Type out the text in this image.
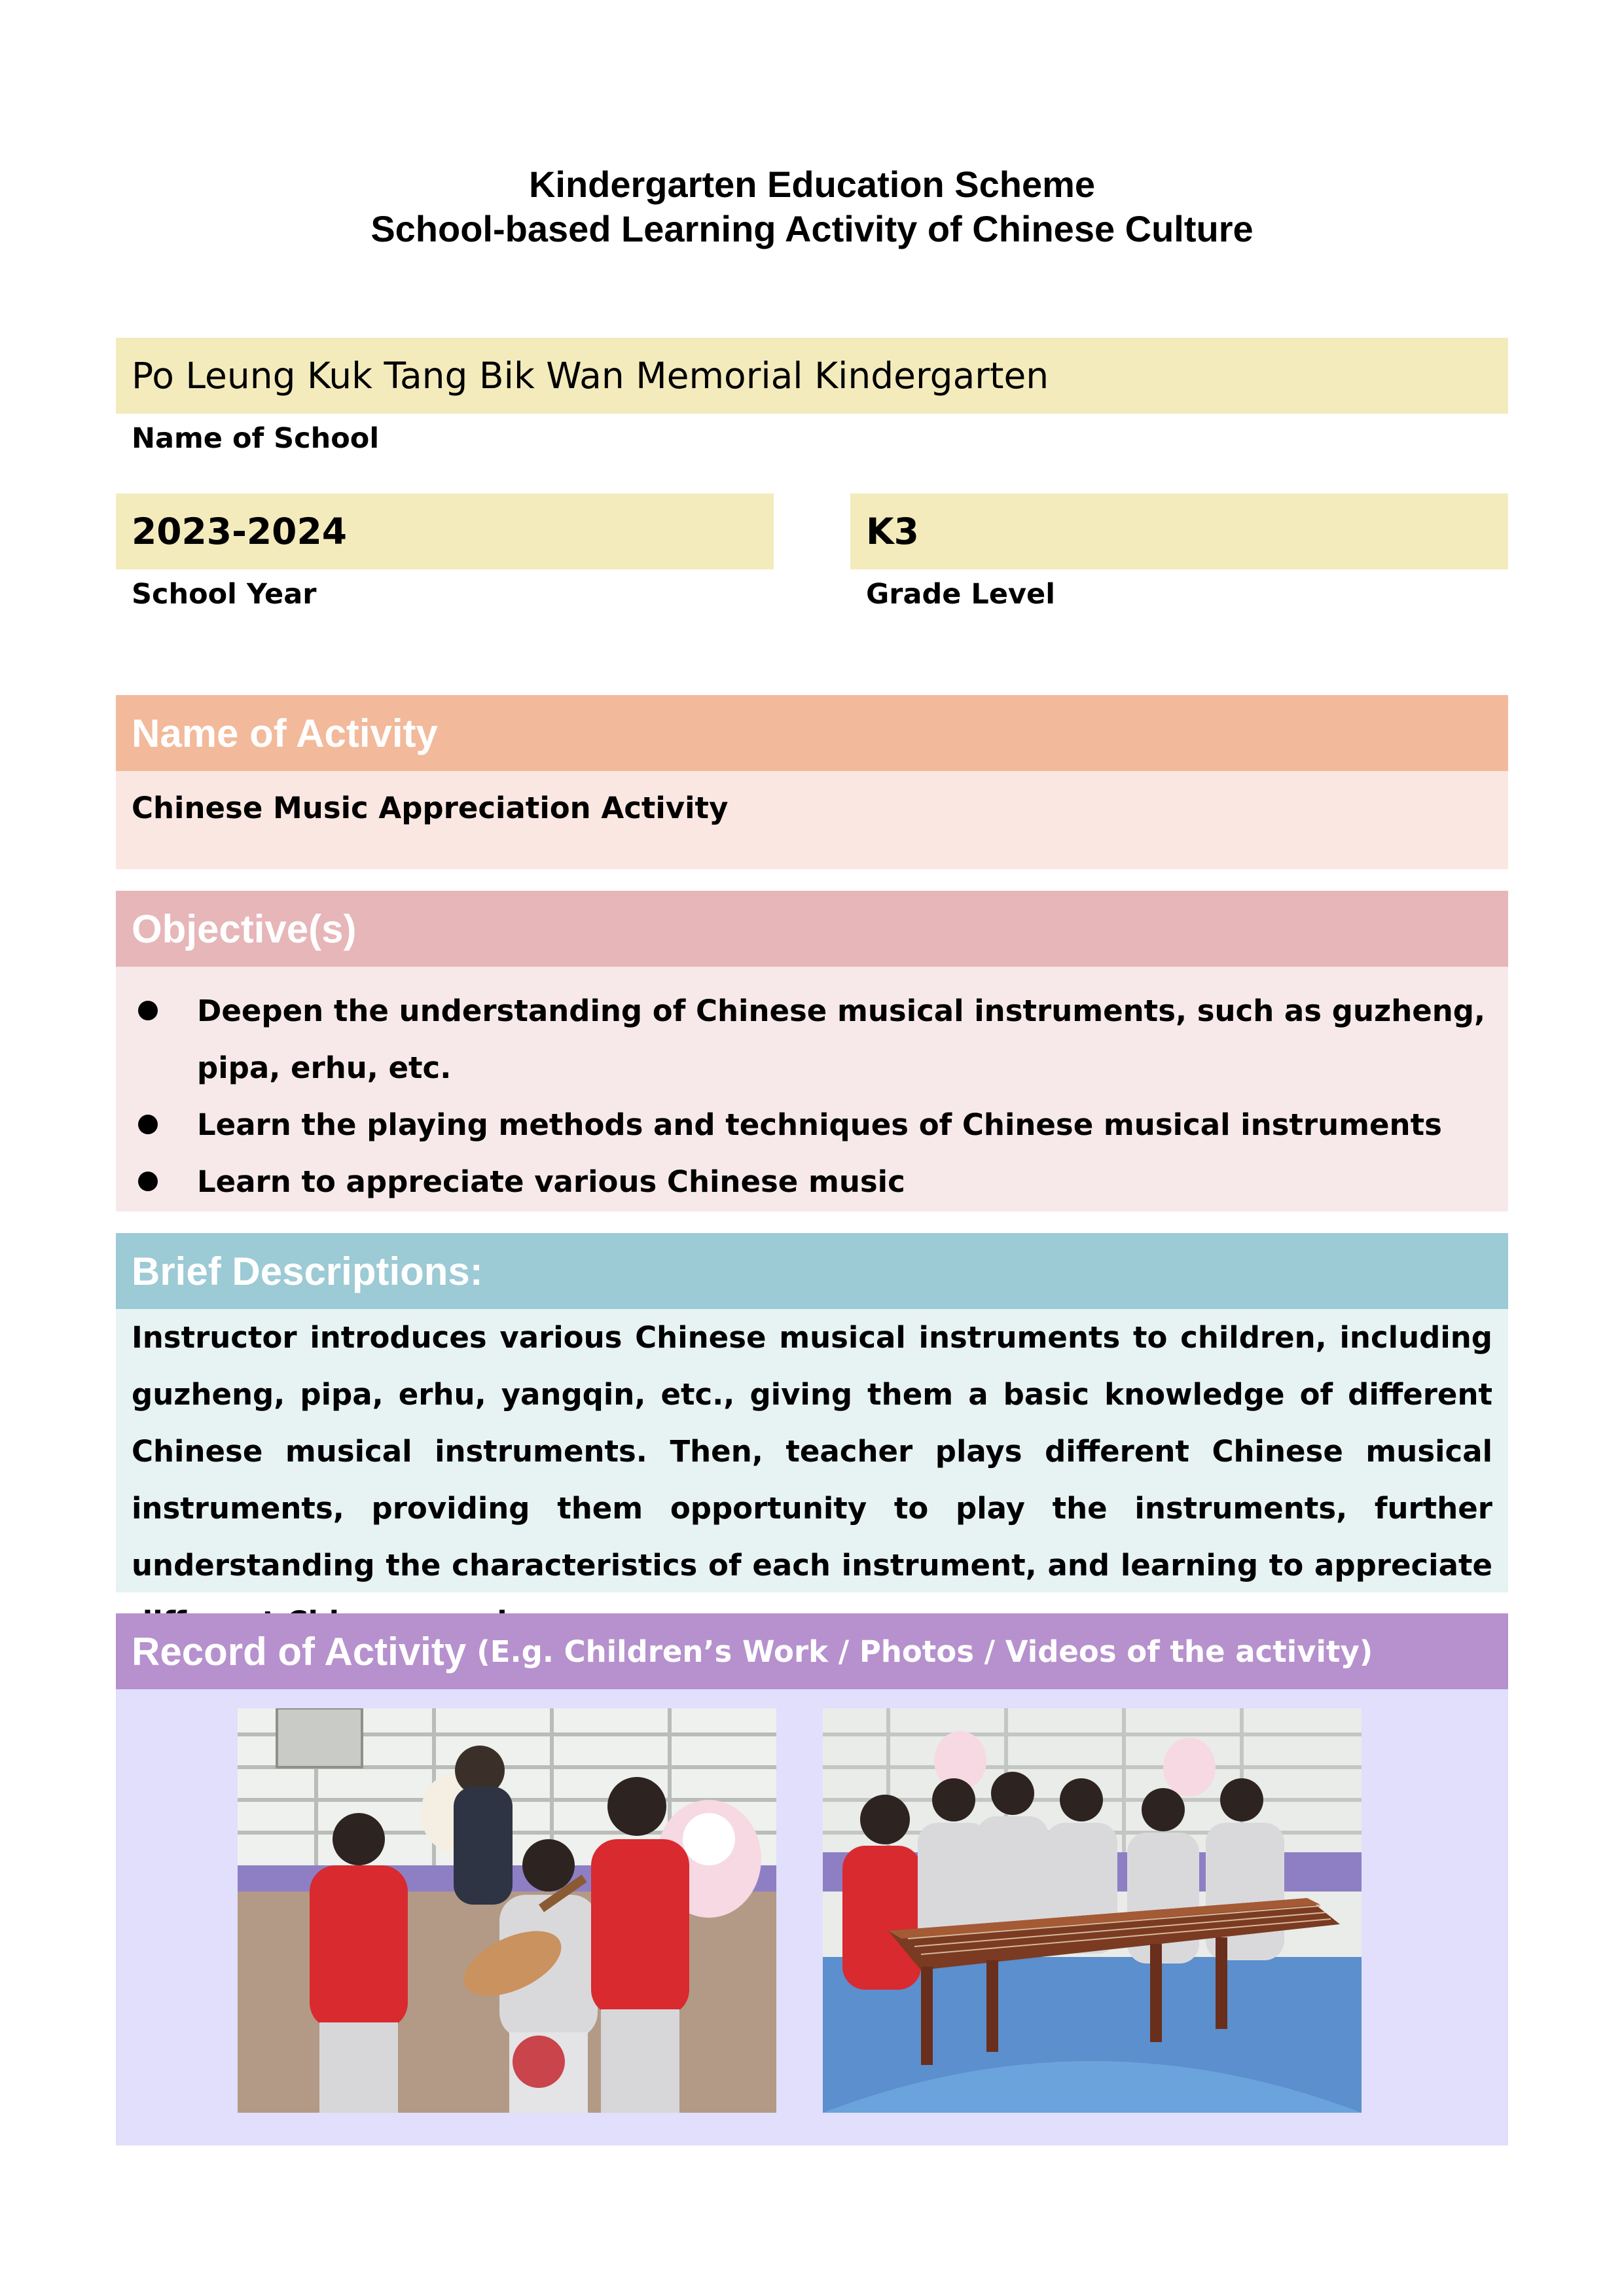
Kindergarten Education Scheme
School-based Learning Activity of Chinese Culture
Po Leung Kuk Tang Bik Wan Memorial Kindergarten
Name of School
2023-2024
School Year
K3
Grade Level
Name of Activity
Chinese Music Appreciation Activity
Objective(s)
Deepen the understanding of Chinese musical instruments, such as guzheng, pipa, erhu, etc.
Learn the playing methods and techniques of Chinese musical instruments
Learn to appreciate various Chinese music
Brief Descriptions:

Instructor introduces various Chinese musical instruments to children, including guzheng, pipa, erhu, yangqin, etc., giving them a basic knowledge of different Chinese musical instruments. Then, teacher plays different Chinese musical instruments, providing them opportunity to play the instruments, further understanding the characteristics of each instrument, and learning to appreciate

Record of Activity (E.g. Children’s Work / Photos / Videos of the activity)
